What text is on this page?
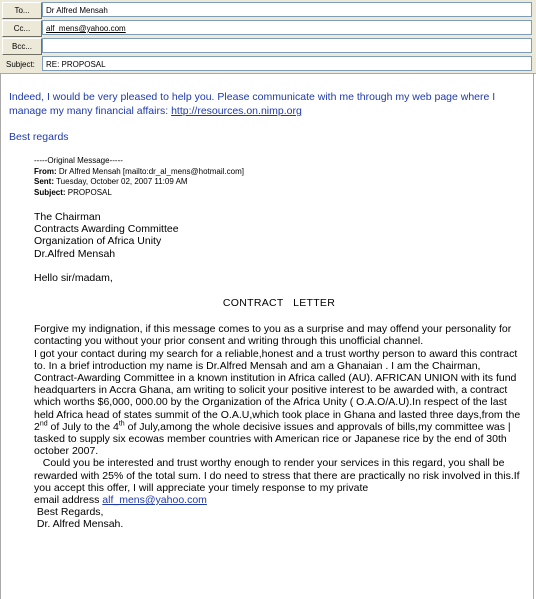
To...	Dr Alfred Mensah
Cc...	alf_mens@yahoo.com
Bcc...
Subject:	RE: PROPOSAL
Indeed, I would be very pleased to help you. Please communicate with me through my web page where I manage my many financial affairs: http://resources.on.nimp.org
Best regards
-----Original Message-----
From: Dr Alfred Mensah [mailto:dr_al_mens@hotmail.com]
Sent: Tuesday, October 02, 2007 11:09 AM
Subject: PROPOSAL
The Chairman
Contracts Awarding Committee
Organization of Africa Unity
Dr.Alfred Mensah
Hello sir/madam,
CONTRACT   LETTER

Forgive my indignation, if this message comes to you as a surprise and may offend your personality for contacting you without your prior consent and writing through this unofficial channel.

I got your contact during my search for a reliable,honest and a trust worthy person to award this contract to. In a brief introduction my name is Dr.Alfred Mensah and am a Ghanaian . I am the Chairman, Contract-Awarding Committee in a known institution in Africa called (AU). AFRICAN UNION with its fund headquarters in Accra Ghana, am writing to solicit your positive interest to be awarded with, a contract which worths $6,000, 000.00 by the Organization of the Africa Unity ( O.A.O/A.U).In respect of the last held Africa head of states summit of the O.A.U,which took place in Ghana and lasted three days,from the 2nd of July to the 4th of July,among the whole decisive issues and approvals of bills,my committee was | tasked to supply six ecowas member countries with American rice or Japanese rice by the end of 30th october 2007.

Could you be interested and trust worthy enough to render your services in this regard, you shall be rewarded with 25% of the total sum. I do need to stress that there are practically no risk involved in this.If you accept this offer, I will appreciate your timely response to my private

email address alf_mens@yahoo.com

Best Regards,

Dr. Alfred Mensah.
